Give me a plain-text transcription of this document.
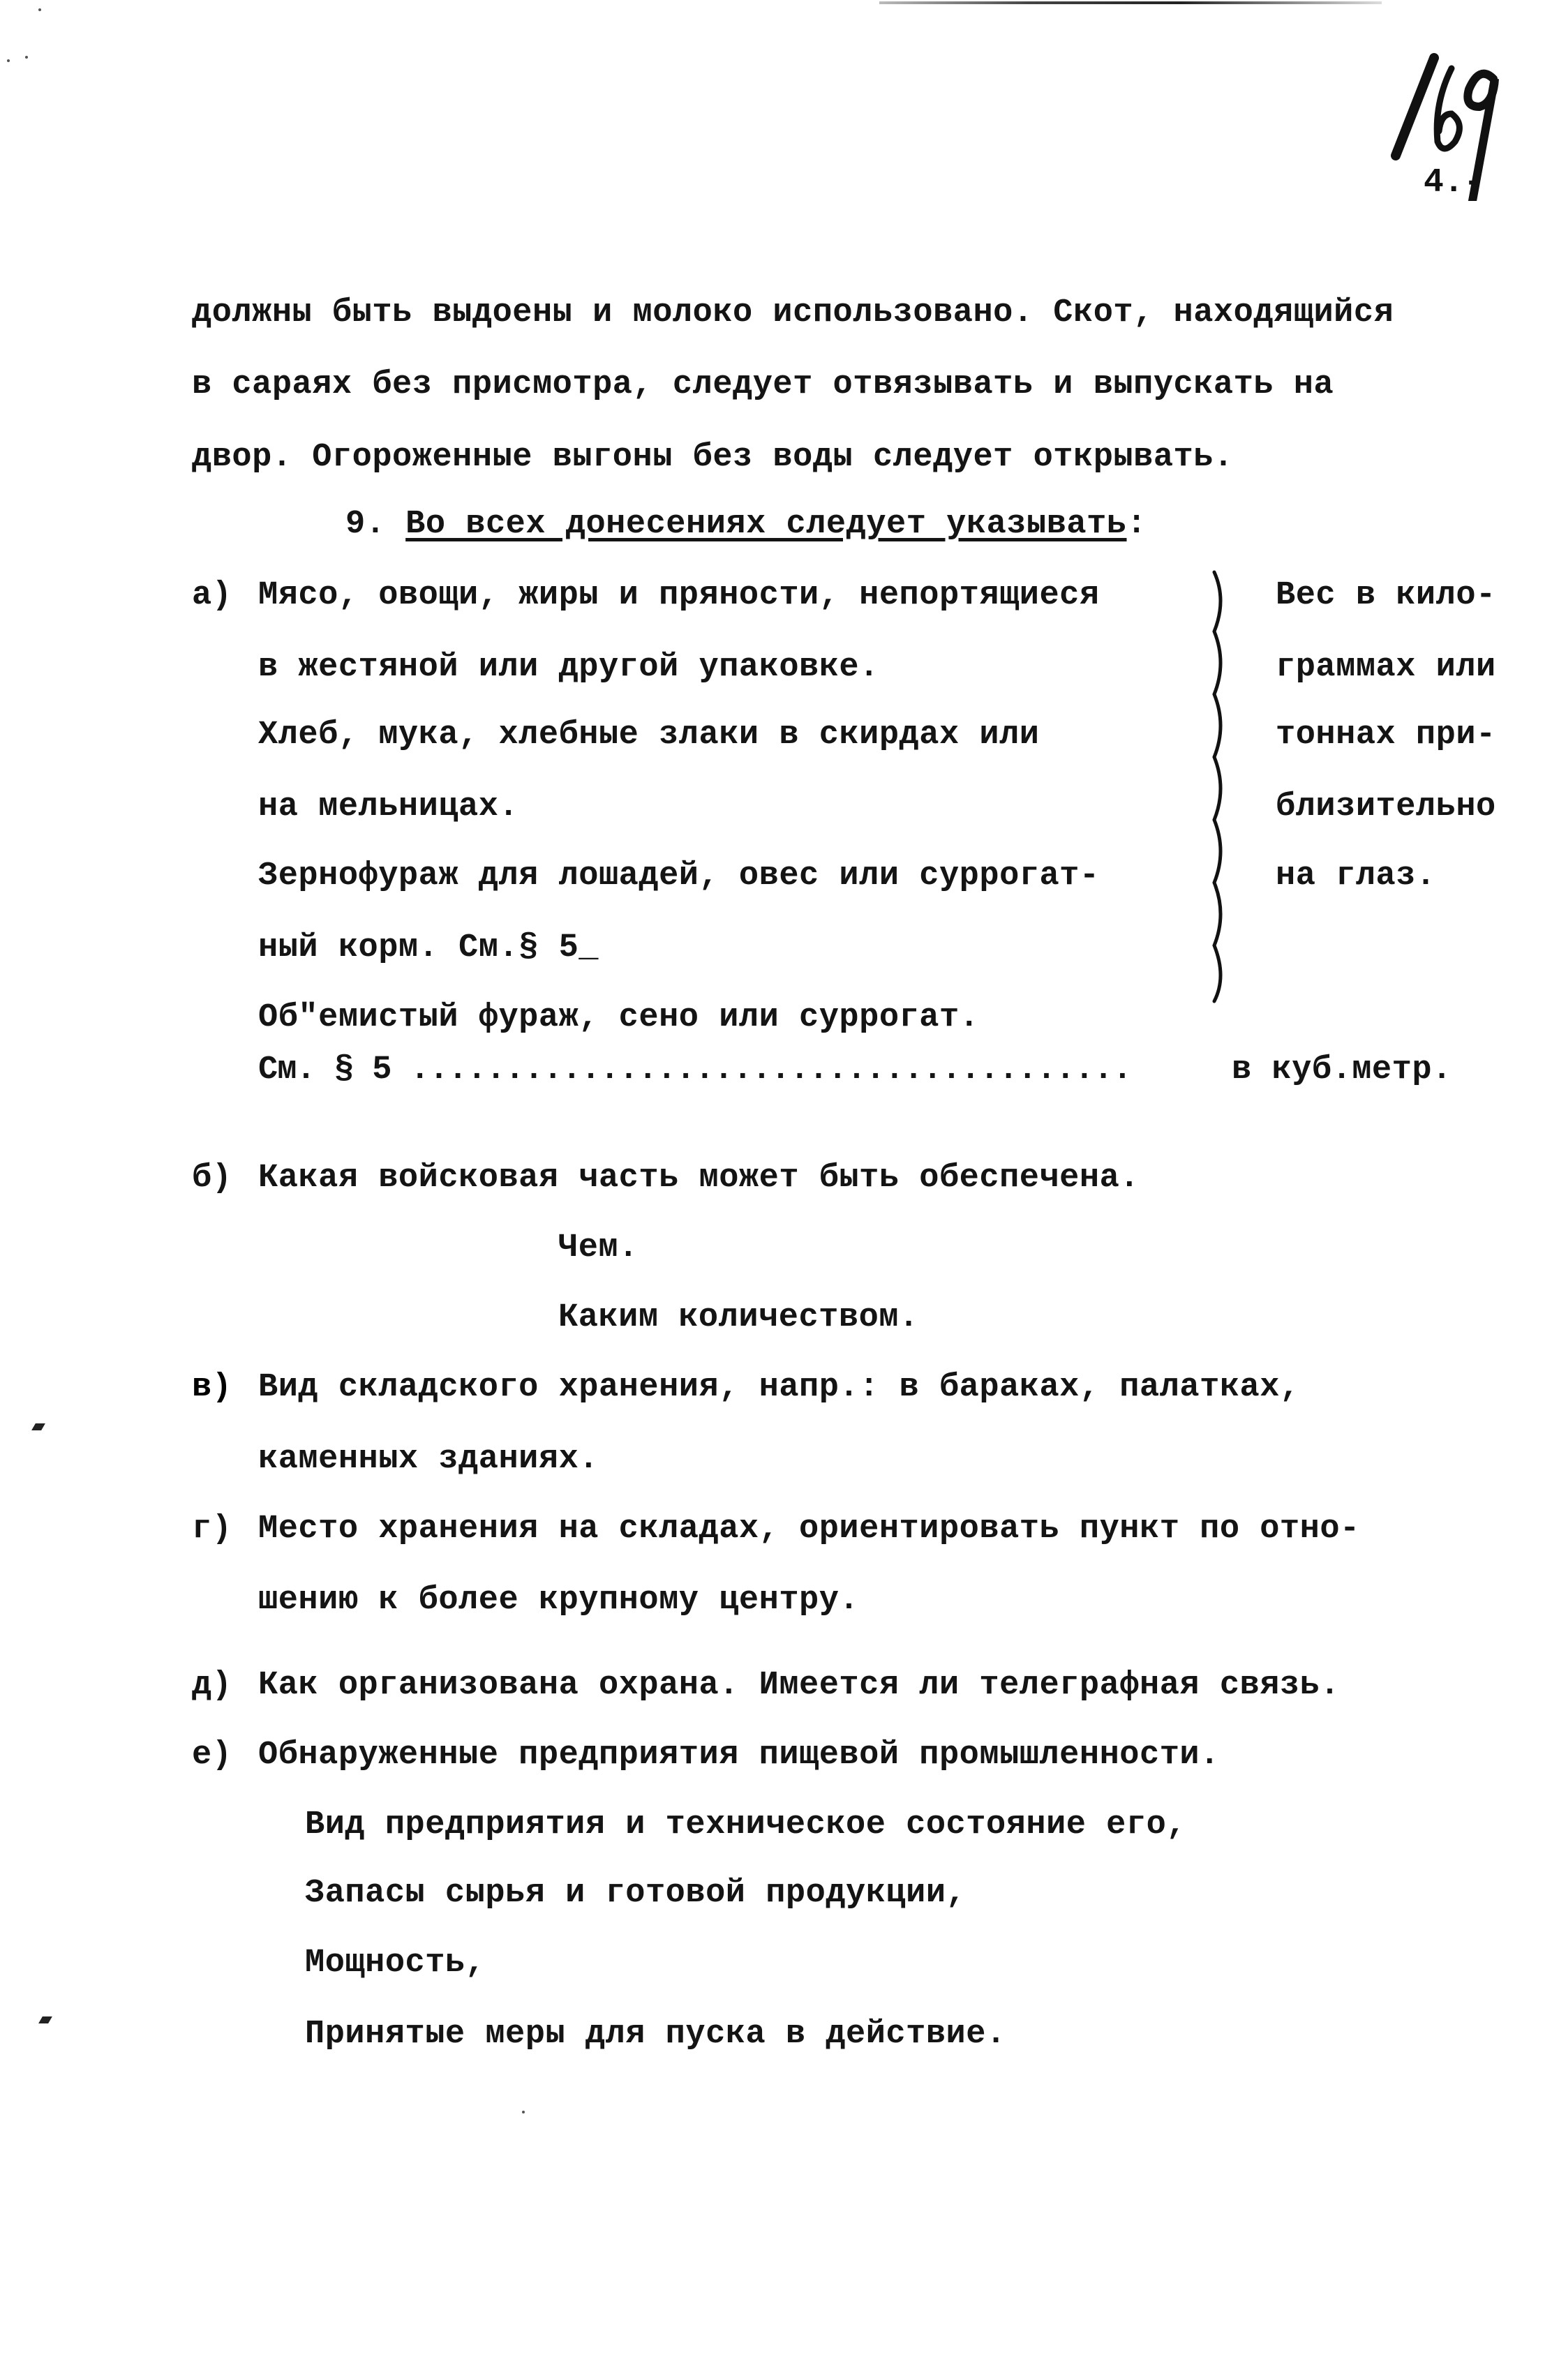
4.-
должны быть выдоены и молоко использовано. Скот, находящийся
в сараях без присмотра, следует отвязывать и выпускать на
двор. Огороженные выгоны без воды следует открывать.
9. Во всех донесениях следует указывать:
а) Мясо, овощи, жиры и пряности, непортящиеся
в жестяной или другой упаковке.
Хлеб, мука, хлебные злаки в скирдах или
на мельницах.
Зернофураж для лошадей, овес или суррогат-
ный корм. См.§ 5_
Об"емистый фураж, сено или суррогат.
Вес в кило-
граммах или
тоннах при-
близительно
на глаз.
См. § 5 ......................................	в куб.метр.
б) Какая войсковая часть может быть обеспечена.
Чем.
Каким количеством.
в) Вид складского хранения, напр.: в бараках, палатках,
каменных зданиях.
г) Место хранения на складах, ориентировать пункт по отно-
шению к более крупному центру.
д) Как организована охрана. Имеется ли телеграфная связь.
е) Обнаруженные предприятия пищевой промышленности.
Вид предприятия и техническое состояние его,
Запасы сырья и готовой продукции,
Мощность,
Принятые меры для пуска в действие.
